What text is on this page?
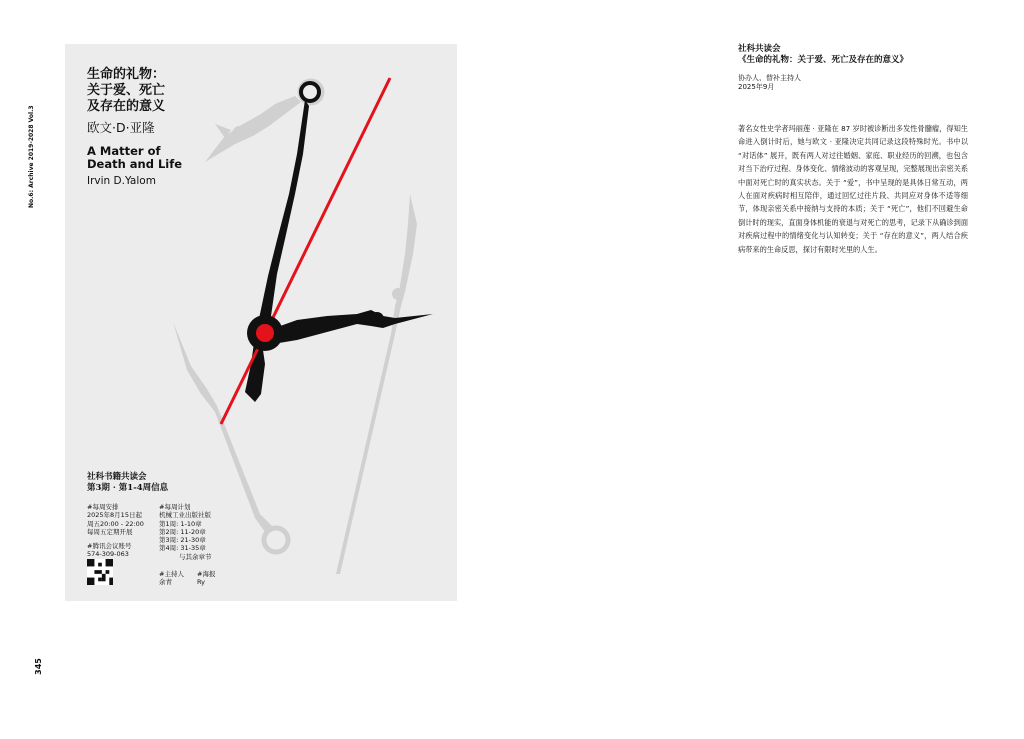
No.6: Archive 2019-2028 Vol.3
345
生命的礼物：
关于爱、死亡
及存在的意义
欧文·D·亚隆
A Matter of
Death and Life
Irvin D.Yalom
社科书籍共读会
第3期 · 第1-4周信息
#每周安排
2025年8月15日起
周五20:00 - 22:00
每周五定期开展
#腾讯会议账号
574-309-063
#每周计划
机械工业出版社版
第1周: 1-10章
第2周: 11-20章
第3周: 21-30章
第4周: 31-35章
与其余章节
#主持人
余青
#海报
Ry
社科共读会
《生命的礼物：关于爱、死亡及存在的意义》
协办人、替补主持人
2025年9月
著名女性史学者玛丽莲 · 亚隆在 87 岁时被诊断出多发性骨髓瘤，得知生命进入倒计时后，她与欧文 · 亚隆决定共同记录这段特殊时光。书中以 “对话体” 展开，既有两人对过往婚姻、家庭、职业经历的回溯，也包含对当下治疗过程、身体变化、情绪波动的客观呈现，完整展现出亲密关系中面对死亡时的真实状态。关于 “爱”，书中呈现的是具体日常互动，两人在面对疾病时相互陪伴，通过回忆过往片段、共同应对身体不适等细节，体现亲密关系中接纳与支持的本质；关于 “死亡”，他们不回避生命倒计时的现实，直面身体机能的衰退与对死亡的思考，记录下从确诊到面对疾病过程中的情绪变化与认知转变；关于 “存在的意义”，两人结合疾病带来的生命反思，探讨有限时光里的人生。
